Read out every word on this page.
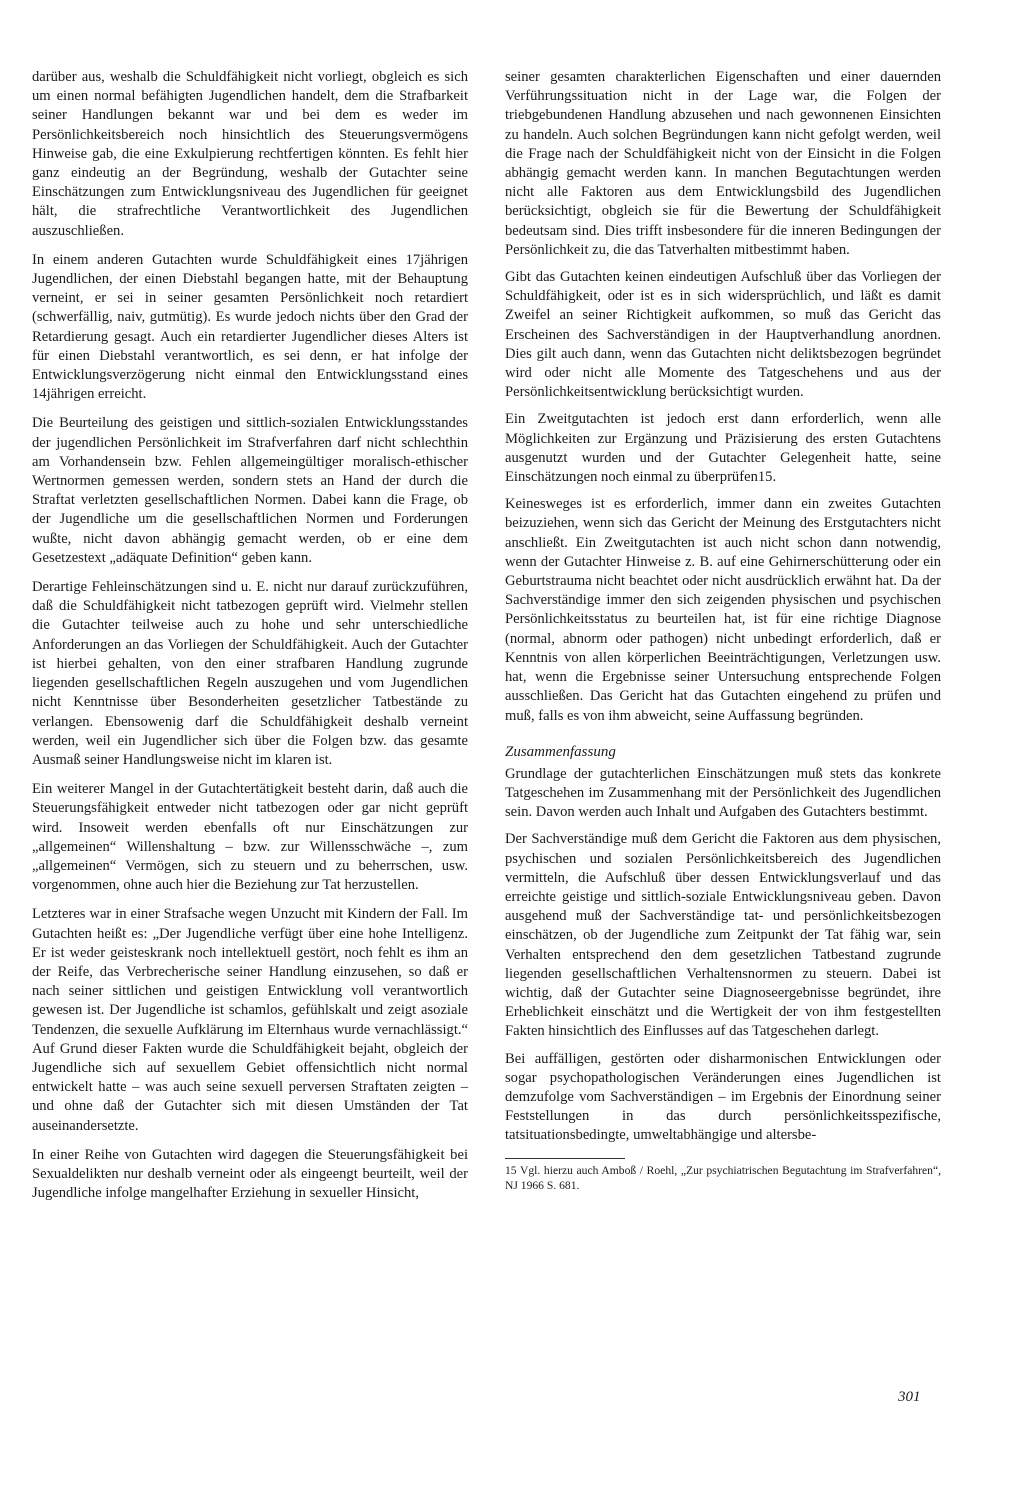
darüber aus, weshalb die Schuldfähigkeit nicht vorliegt, obgleich es sich um einen normal befähigten Jugendlichen handelt, dem die Strafbarkeit seiner Handlungen bekannt war und bei dem es weder im Persönlichkeitsbereich noch hinsichtlich des Steuerungsvermögens Hinweise gab, die eine Exkulpierung rechtfertigen könnten. Es fehlt hier ganz eindeutig an der Begründung, weshalb der Gutachter seine Einschätzungen zum Entwicklungsniveau des Jugendlichen für geeignet hält, die strafrechtliche Verantwortlichkeit des Jugendlichen auszuschließen.

In einem anderen Gutachten wurde Schuldfähigkeit eines 17jährigen Jugendlichen, der einen Diebstahl begangen hatte, mit der Behauptung verneint, er sei in seiner gesamten Persönlichkeit noch retardiert (schwerfällig, naiv, gutmütig). Es wurde jedoch nichts über den Grad der Retardierung gesagt. Auch ein retardierter Jugendlicher dieses Alters ist für einen Diebstahl verantwortlich, es sei denn, er hat infolge der Entwicklungsverzögerung nicht einmal den Entwicklungsstand eines 14jährigen erreicht.

Die Beurteilung des geistigen und sittlich-sozialen Entwicklungsstandes der jugendlichen Persönlichkeit im Strafverfahren darf nicht schlechthin am Vorhandensein bzw. Fehlen allgemeingültiger moralisch-ethischer Wertnormen gemessen werden, sondern stets an Hand der durch die Straftat verletzten gesellschaftlichen Normen. Dabei kann die Frage, ob der Jugendliche um die gesellschaftlichen Normen und Forderungen wußte, nicht davon abhängig gemacht werden, ob er eine dem Gesetzestext „adäquate Definition“ geben kann.

Derartige Fehleinschätzungen sind u. E. nicht nur darauf zurückzuführen, daß die Schuldfähigkeit nicht tatbezogen geprüft wird. Vielmehr stellen die Gutachter teilweise auch zu hohe und sehr unterschiedliche Anforderungen an das Vorliegen der Schuldfähigkeit. Auch der Gutachter ist hierbei gehalten, von den einer strafbaren Handlung zugrunde liegenden gesellschaftlichen Regeln auszugehen und vom Jugendlichen nicht Kenntnisse über Besonderheiten gesetzlicher Tatbestände zu verlangen. Ebensowenig darf die Schuldfähigkeit deshalb verneint werden, weil ein Jugendlicher sich über die Folgen bzw. das gesamte Ausmaß seiner Handlungsweise nicht im klaren ist.

Ein weiterer Mangel in der Gutachtertätigkeit besteht darin, daß auch die Steuerungsfähigkeit entweder nicht tatbezogen oder gar nicht geprüft wird. Insoweit werden ebenfalls oft nur Einschätzungen zur „allgemeinen“ Willenshaltung – bzw. zur Willensschwäche –, zum „allgemeinen“ Vermögen, sich zu steuern und zu beherrschen, usw. vorgenommen, ohne auch hier die Beziehung zur Tat herzustellen.

Letzteres war in einer Strafsache wegen Unzucht mit Kindern der Fall. Im Gutachten heißt es: „Der Jugendliche verfügt über eine hohe Intelligenz. Er ist weder geisteskrank noch intellektuell gestört, noch fehlt es ihm an der Reife, das Verbrecherische seiner Handlung einzusehen, so daß er nach seiner sittlichen und geistigen Entwicklung voll verantwortlich gewesen ist. Der Jugendliche ist schamlos, gefühlskalt und zeigt asoziale Tendenzen, die sexuelle Aufklärung im Elternhaus wurde vernachlässigt.“ Auf Grund dieser Fakten wurde die Schuldfähigkeit bejaht, obgleich der Jugendliche sich auf sexuellem Gebiet offensichtlich nicht normal entwickelt hatte – was auch seine sexuell perversen Straftaten zeigten – und ohne daß der Gutachter sich mit diesen Umständen der Tat auseinandersetzte.

In einer Reihe von Gutachten wird dagegen die Steuerungsfähigkeit bei Sexualdelikten nur deshalb verneint oder als eingeengt beurteilt, weil der Jugendliche infolge mangelhafter Erziehung in sexueller Hinsicht,

seiner gesamten charakterlichen Eigenschaften und einer dauernden Verführungssituation nicht in der Lage war, die Folgen der triebgebundenen Handlung abzusehen und nach gewonnenen Einsichten zu handeln. Auch solchen Begründungen kann nicht gefolgt werden, weil die Frage nach der Schuldfähigkeit nicht von der Einsicht in die Folgen abhängig gemacht werden kann. In manchen Begutachtungen werden nicht alle Faktoren aus dem Entwicklungsbild des Jugendlichen berücksichtigt, obgleich sie für die Bewertung der Schuldfähigkeit bedeutsam sind. Dies trifft insbesondere für die inneren Bedingungen der Persönlichkeit zu, die das Tatverhalten mitbestimmt haben.

Gibt das Gutachten keinen eindeutigen Aufschluß über das Vorliegen der Schuldfähigkeit, oder ist es in sich widersprüchlich, und läßt es damit Zweifel an seiner Richtigkeit aufkommen, so muß das Gericht das Erscheinen des Sachverständigen in der Hauptverhandlung anordnen. Dies gilt auch dann, wenn das Gutachten nicht deliktsbezogen begründet wird oder nicht alle Momente des Tatgeschehens und aus der Persönlichkeitsentwicklung berücksichtigt wurden.

Ein Zweitgutachten ist jedoch erst dann erforderlich, wenn alle Möglichkeiten zur Ergänzung und Präzisierung des ersten Gutachtens ausgenutzt wurden und der Gutachter Gelegenheit hatte, seine Einschätzungen noch einmal zu überprüfen15.

Keinesweges ist es erforderlich, immer dann ein zweites Gutachten beizuziehen, wenn sich das Gericht der Meinung des Erstgutachters nicht anschließt. Ein Zweitgutachten ist auch nicht schon dann notwendig, wenn der Gutachter Hinweise z. B. auf eine Gehirnerschütterung oder ein Geburtstrauma nicht beachtet oder nicht ausdrücklich erwähnt hat. Da der Sachverständige immer den sich zeigenden physischen und psychischen Persönlichkeitsstatus zu beurteilen hat, ist für eine richtige Diagnose (normal, abnorm oder pathogen) nicht unbedingt erforderlich, daß er Kenntnis von allen körperlichen Beeinträchtigungen, Verletzungen usw. hat, wenn die Ergebnisse seiner Untersuchung entsprechende Folgen ausschließen. Das Gericht hat das Gutachten eingehend zu prüfen und muß, falls es von ihm abweicht, seine Auffassung begründen.

Zusammenfassung

Grundlage der gutachterlichen Einschätzungen muß stets das konkrete Tatgeschehen im Zusammenhang mit der Persönlichkeit des Jugendlichen sein. Davon werden auch Inhalt und Aufgaben des Gutachters bestimmt.

Der Sachverständige muß dem Gericht die Faktoren aus dem physischen, psychischen und sozialen Persönlichkeitsbereich des Jugendlichen vermitteln, die Aufschluß über dessen Entwicklungsverlauf und das erreichte geistige und sittlich-soziale Entwicklungsniveau geben. Davon ausgehend muß der Sachverständige tat- und persönlichkeitsbezogen einschätzen, ob der Jugendliche zum Zeitpunkt der Tat fähig war, sein Verhalten entsprechend den dem gesetzlichen Tatbestand zugrunde liegenden gesellschaftlichen Verhaltensnormen zu steuern. Dabei ist wichtig, daß der Gutachter seine Diagnoseergebnisse begründet, ihre Erheblichkeit einschätzt und die Wertigkeit der von ihm festgestellten Fakten hinsichtlich des Einflusses auf das Tatgeschehen darlegt.

Bei auffälligen, gestörten oder disharmonischen Entwicklungen oder sogar psychopathologischen Veränderungen eines Jugendlichen ist demzufolge vom Sachverständigen – im Ergebnis der Einordnung seiner Feststellungen in das durch persönlichkeitsspezifische, tatsituationsbedingte, umweltabhängige und altersbe-

15 Vgl. hierzu auch Amboß / Roehl, „Zur psychiatrischen Begutachtung im Strafverfahren“, NJ 1966 S. 681.

301
